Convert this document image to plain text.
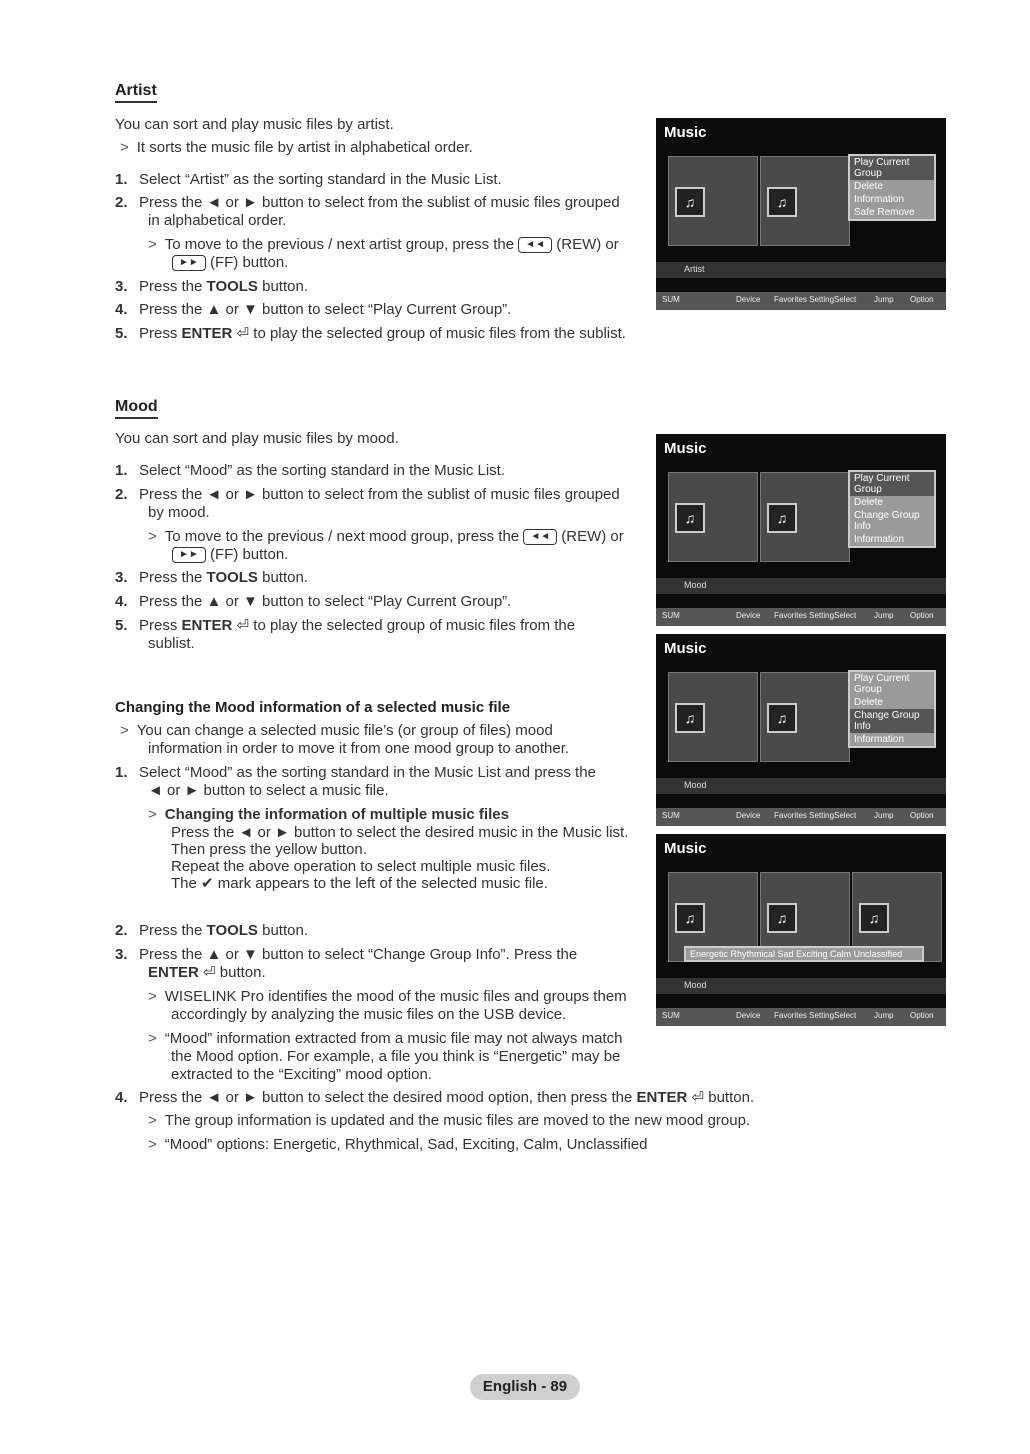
Artist
You can sort and play music files by artist.
> It sorts the music file by artist in alphabetical order.
1. Select “Artist” as the sorting standard in the Music List.
2. Press the ◄ or ► button to select from the sublist of music files grouped
in alphabetical order.
> To move to the previous / next artist group, press the ◄◄ (REW) or
►► (FF) button.
3. Press the TOOLS button.
4. Press the ▲ or ▼ button to select “Play Current Group”.
5. Press ENTER ⏎ to play the selected group of music files from the sublist.
Music
♫	♫
Play Current Group
Delete
Information
Safe Remove
Artist
SUM	Device Favorites Setting Select Jump Option
Mood
You can sort and play music files by mood.
1. Select “Mood” as the sorting standard in the Music List.
2. Press the ◄ or ► button to select from the sublist of music files grouped
by mood.
> To move to the previous / next mood group, press the ◄◄ (REW) or
►► (FF) button.
3. Press the TOOLS button.
4. Press the ▲ or ▼ button to select “Play Current Group”.
5. Press ENTER ⏎ to play the selected group of music files from the
sublist.
Music
♫	♫
Play Current Group
Delete
Change Group Info
Information
Mood
SUM	Device Favorites Setting Select Jump Option
Music
♫	♫
Play Current Group
Delete
Change Group Info
Information
Mood
SUM	Device Favorites Setting Select Jump Option
Music
♫	♫	♫
Energetic Rhythmical Sad Exciting Calm Unclassified
Mood
SUM	Device Favorites Setting Select Jump Option
Changing the Mood information of a selected music file
> You can change a selected music file’s (or group of files) mood
information in order to move it from one mood group to another.
1. Select “Mood” as the sorting standard in the Music List and press the
◄ or ► button to select a music file.
> Changing the information of multiple music files
Press the ◄ or ► button to select the desired music in the Music list.
Then press the yellow button.
Repeat the above operation to select multiple music files.
The ✔ mark appears to the left of the selected music file.
2. Press the TOOLS button.
3. Press the ▲ or ▼ button to select “Change Group Info”. Press the
ENTER ⏎ button.
> WISELINK Pro identifies the mood of the music files and groups them
accordingly by analyzing the music files on the USB device.
> “Mood” information extracted from a music file may not always match
the Mood option. For example, a file you think is “Energetic” may be
extracted to the “Exciting” mood option.
4. Press the ◄ or ► button to select the desired mood option, then press the ENTER ⏎ button.
> The group information is updated and the music files are moved to the new mood group.
> “Mood” options: Energetic, Rhythmical, Sad, Exciting, Calm, Unclassified
English - 89
